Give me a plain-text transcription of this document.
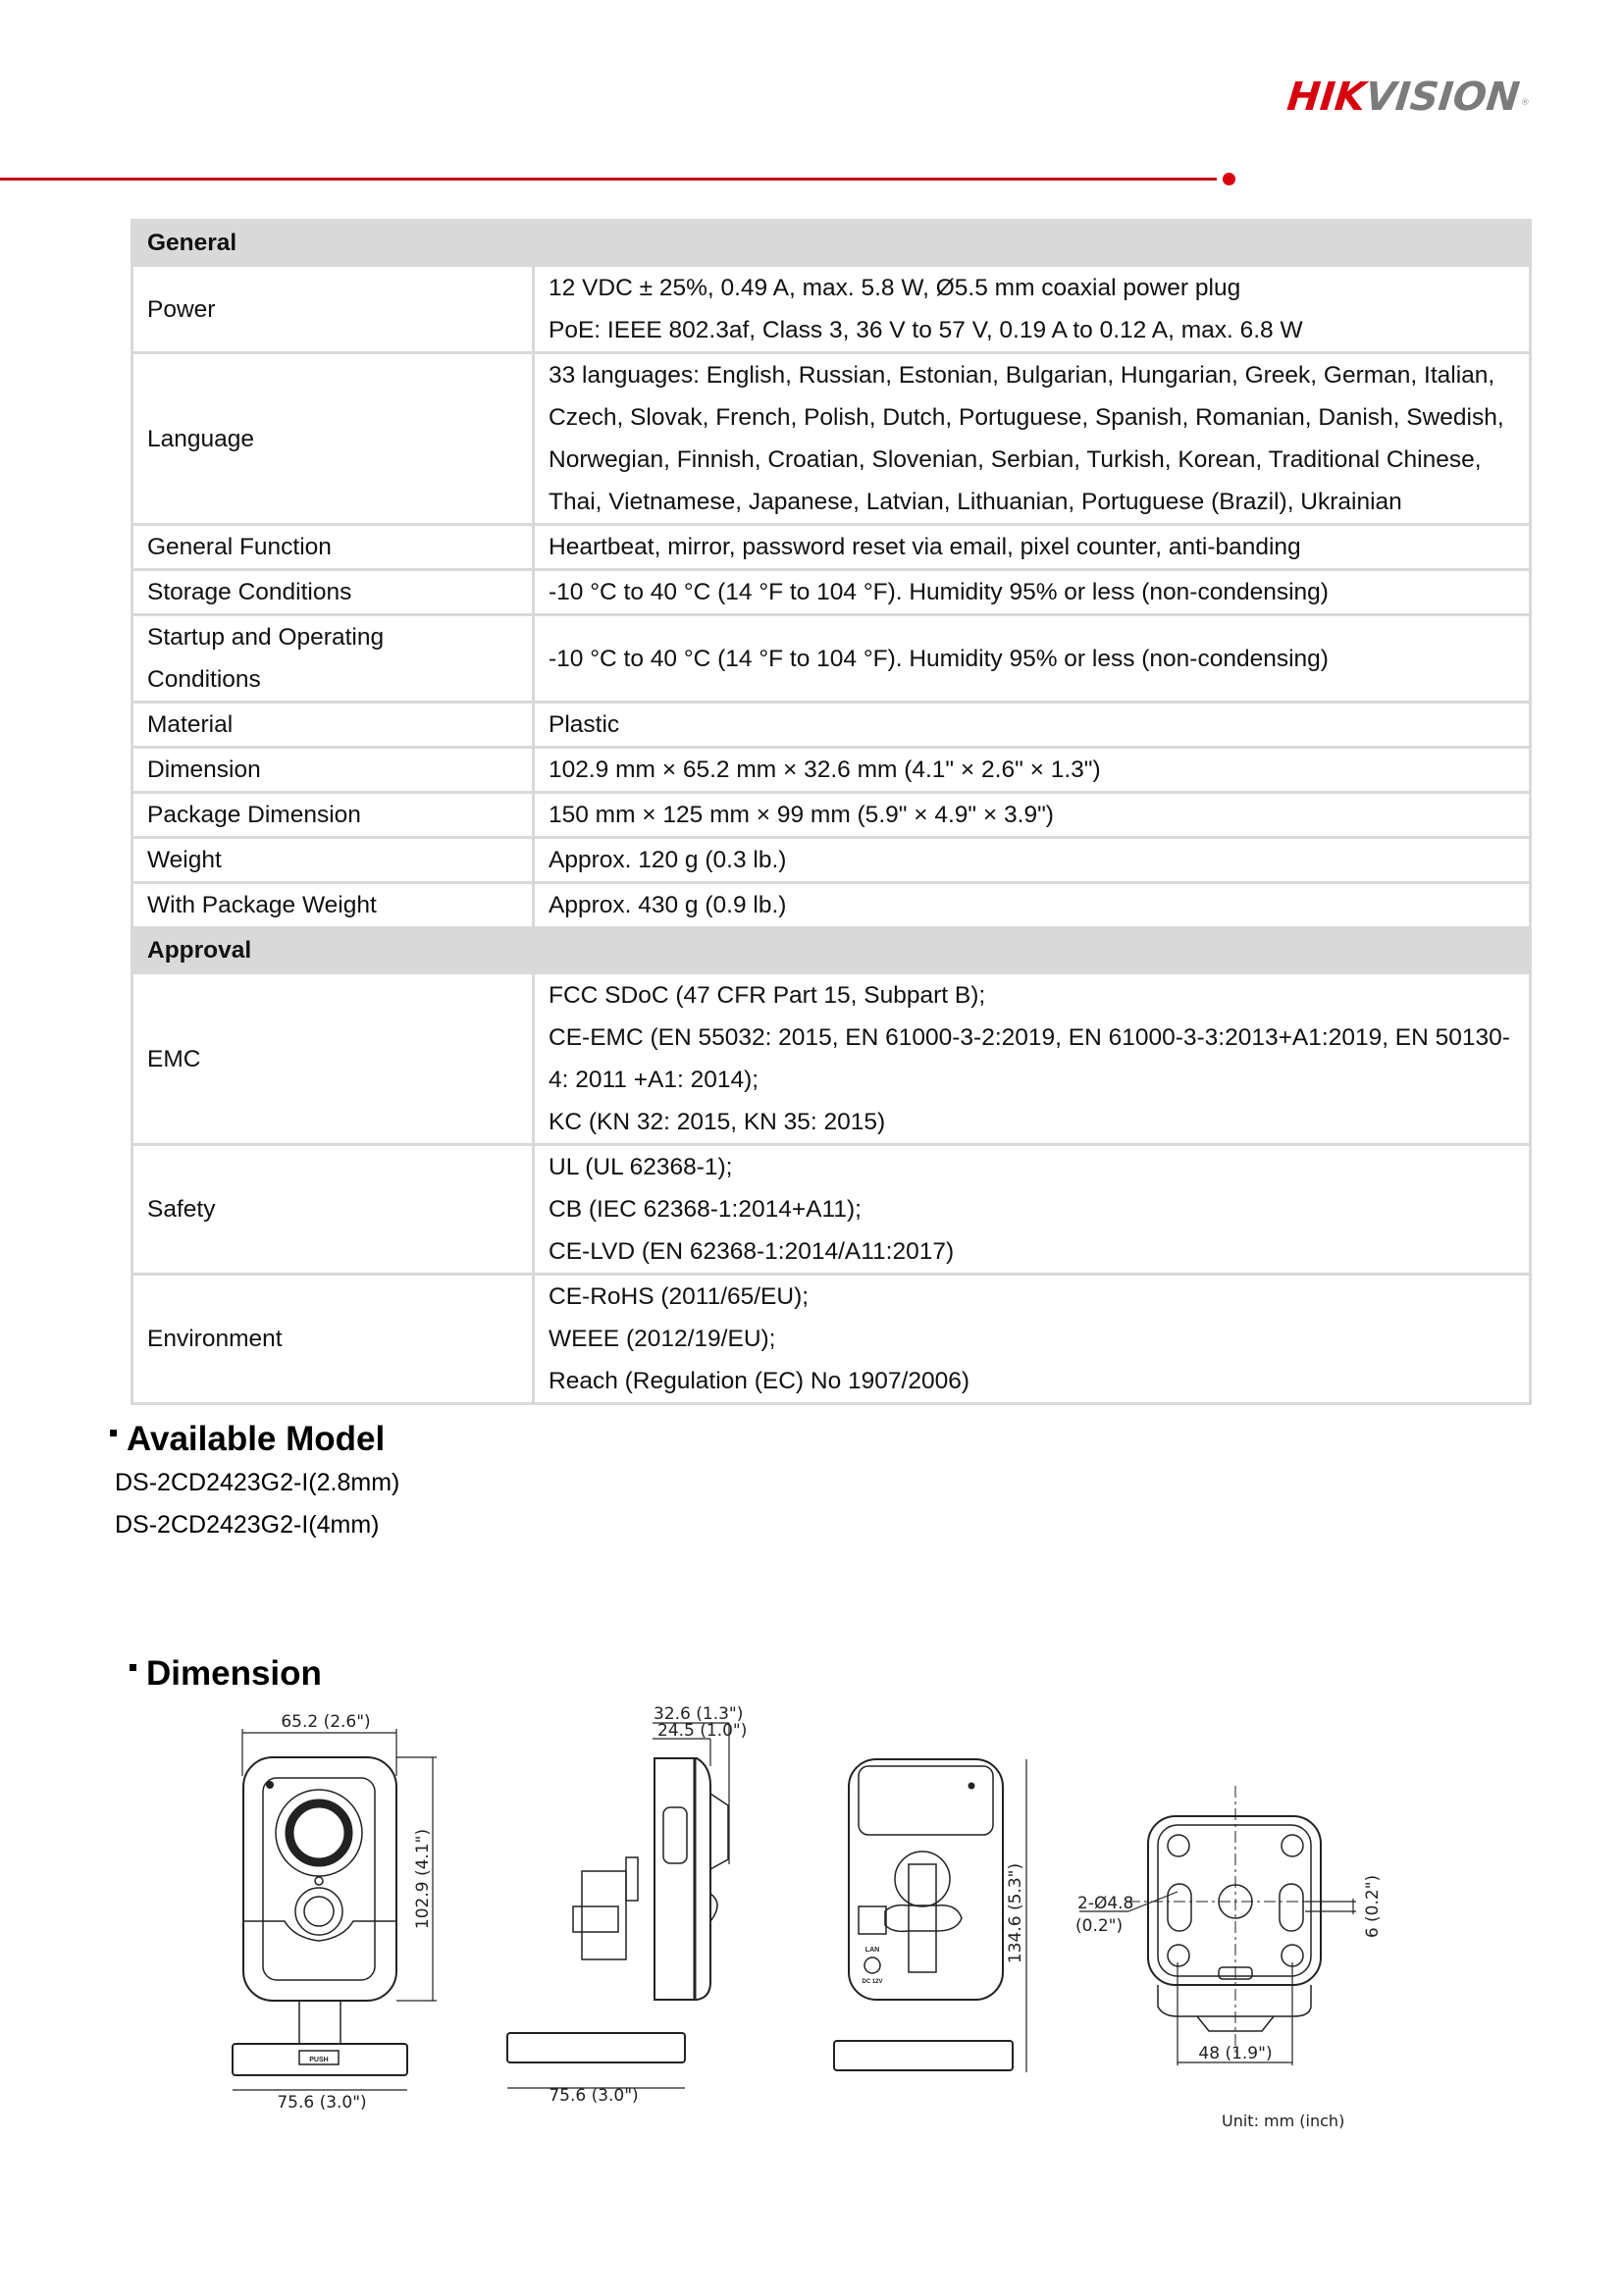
HIKVISION®
General	
Power	12 VDC ± 25%, 0.49 A, max. 5.8 W, Ø5.5 mm coaxial power plug
PoE: IEEE 802.3af, Class 3, 36 V to 57 V, 0.19 A to 0.12 A, max. 6.8 W

Language	33 languages: English, Russian, Estonian, Bulgarian, Hungarian, Greek, German, Italian,
Czech, Slovak, French, Polish, Dutch, Portuguese, Spanish, Romanian, Danish, Swedish,
Norwegian, Finnish, Croatian, Slovenian, Serbian, Turkish, Korean, Traditional Chinese,
Thai, Vietnamese, Japanese, Latvian, Lithuanian, Portuguese (Brazil), Ukrainian

General Function	Heartbeat, mirror, password reset via email, pixel counter, anti-banding
Storage Conditions	-10 °C to 40 °C (14 °F to 104 °F). Humidity 95% or less (non-condensing)

Startup and Operating
Conditions	-10 °C to 40 °C (14 °F to 104 °F). Humidity 95% or less (non-condensing)
Material	Plastic
Dimension	102.9 mm × 65.2 mm × 32.6 mm (4.1" × 2.6" × 1.3")
Package Dimension	150 mm × 125 mm × 99 mm (5.9" × 4.9" × 3.9")
Weight	Approx. 120 g (0.3 lb.)
With Package Weight	Approx. 430 g (0.9 lb.)
Approval	
EMC	FCC SDoC (47 CFR Part 15, Subpart B);
CE-EMC (EN 55032: 2015, EN 61000-3-2:2019, EN 61000-3-3:2013+A1:2019, EN 50130-
4: 2011 +A1: 2014);
KC (KN 32: 2015, KN 35: 2015)

Safety	UL (UL 62368-1);
CB (IEC 62368-1:2014+A11);
CE-LVD (EN 62368-1:2014/A11:2017)

Environment	CE-RoHS (2011/65/EU);
WEEE (2012/19/EU);
Reach (Regulation (EC) No 1907/2006)
Available Model
DS-2CD2423G2-I(2.8mm)
DS-2CD2423G2-I(4mm)
Dimension
PUSH
65.2 (2.6")
102.9 (4.1")
75.6 (3.0")
32.6 (1.3")
24.5 (1.0")
75.6 (3.0")
LAN
DC 12V
134.6 (5.3")	2-Ø4.8
(0.2")	6 (0.2")
48 (1.9")
Unit: mm (inch)
